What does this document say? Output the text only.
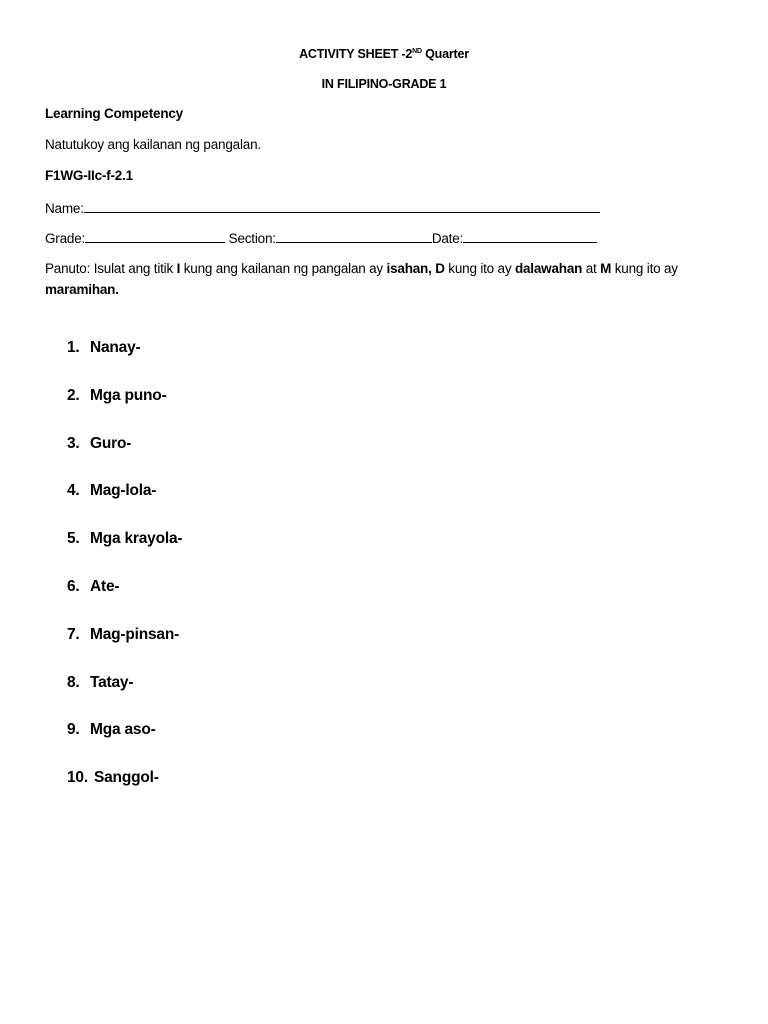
ACTIVITY SHEET -2ND Quarter
IN FILIPINO-GRADE 1
Learning Competency
Natutukoy ang kailanan ng pangalan.
F1WG-IIc-f-2.1
Name:
Grade:	Section:	Date:
Panuto: Isulat ang titik I kung ang kailanan ng pangalan ay isahan, D kung ito ay dalawahan at M kung ito ay maramihan.
1. Nanay-
2. Mga puno-
3. Guro-
4. Mag-lola-
5. Mga krayola-
6. Ate-
7. Mag-pinsan-
8. Tatay-
9. Mga aso-
10. Sanggol-
